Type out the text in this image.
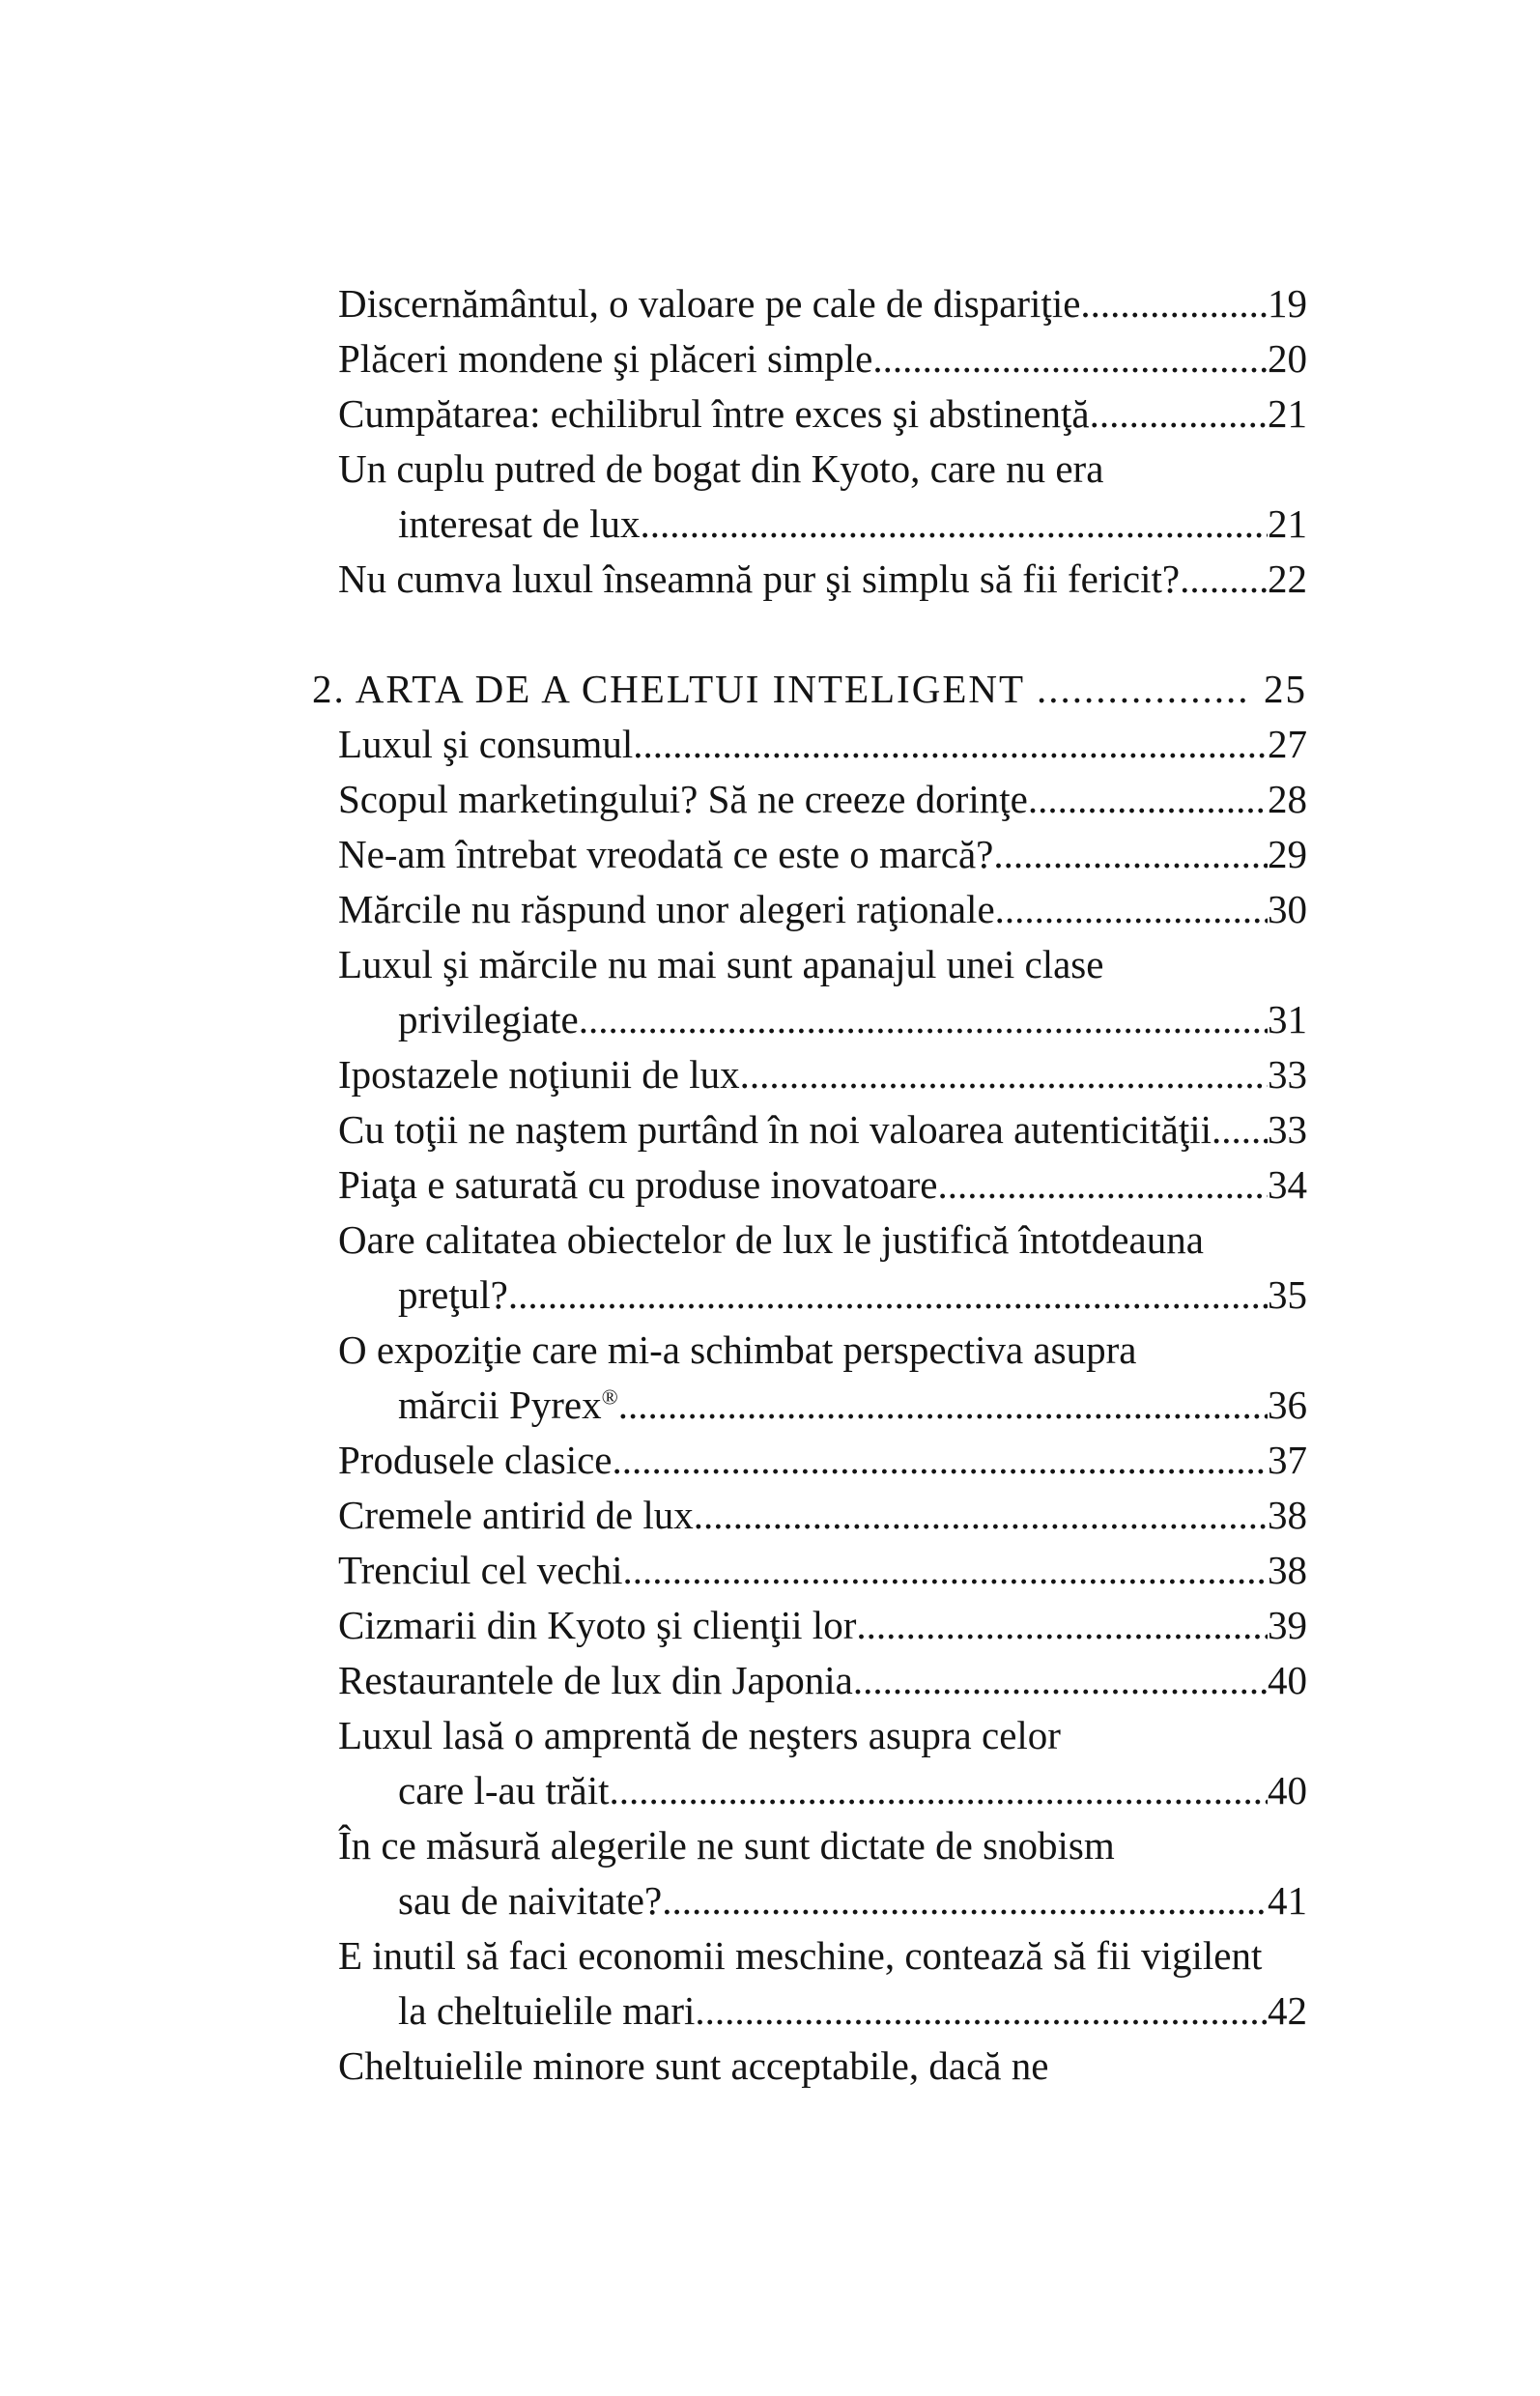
Discernământul, o valoare pe cale de dispariţie .....	19
Plăceri mondene şi plăceri simple .....	20
Cumpătarea: echilibrul între exces şi abstinenţă .....	21
Un cuplu putred de bogat din Kyoto, care nu era
interesat de lux .....	21
Nu cumva luxul înseamnă pur şi simplu să fii fericit? ..... 22
2. ARTA DE A CHELTUI INTELIGENT .....	25
Luxul şi consumul .....	27
Scopul marketingului? Să ne creeze dorinţe .....	28
Ne-am întrebat vreodată ce este o marcă? .....	29
Mărcile nu răspund unor alegeri raţionale .....	30
Luxul şi mărcile nu mai sunt apanajul unei clase
privilegiate .....	31
Ipostazele noţiunii de lux .....	33
Cu toţii ne naştem purtând în noi valoarea autenticităţii ..... 33
Piaţa e saturată cu produse inovatoare .....	34
Oare calitatea obiectelor de lux le justifică întotdeauna
preţul? .....	35
O expoziţie care mi-a schimbat perspectiva asupra
mărcii Pyrex® .....	36
Produsele clasice .....	37
Cremele antirid de lux .....	38
Trenciul cel vechi .....	38
Cizmarii din Kyoto şi clienţii lor .....	39
Restaurantele de lux din Japonia .....	40
Luxul lasă o amprentă de neşters asupra celor
care l-au trăit .....	40
În ce măsură alegerile ne sunt dictate de snobism
sau de naivitate? .....	41
E inutil să faci economii meschine, contează să fii vigilent
la cheltuielile mari .....	42
Cheltuielile minore sunt acceptabile, dacă ne
